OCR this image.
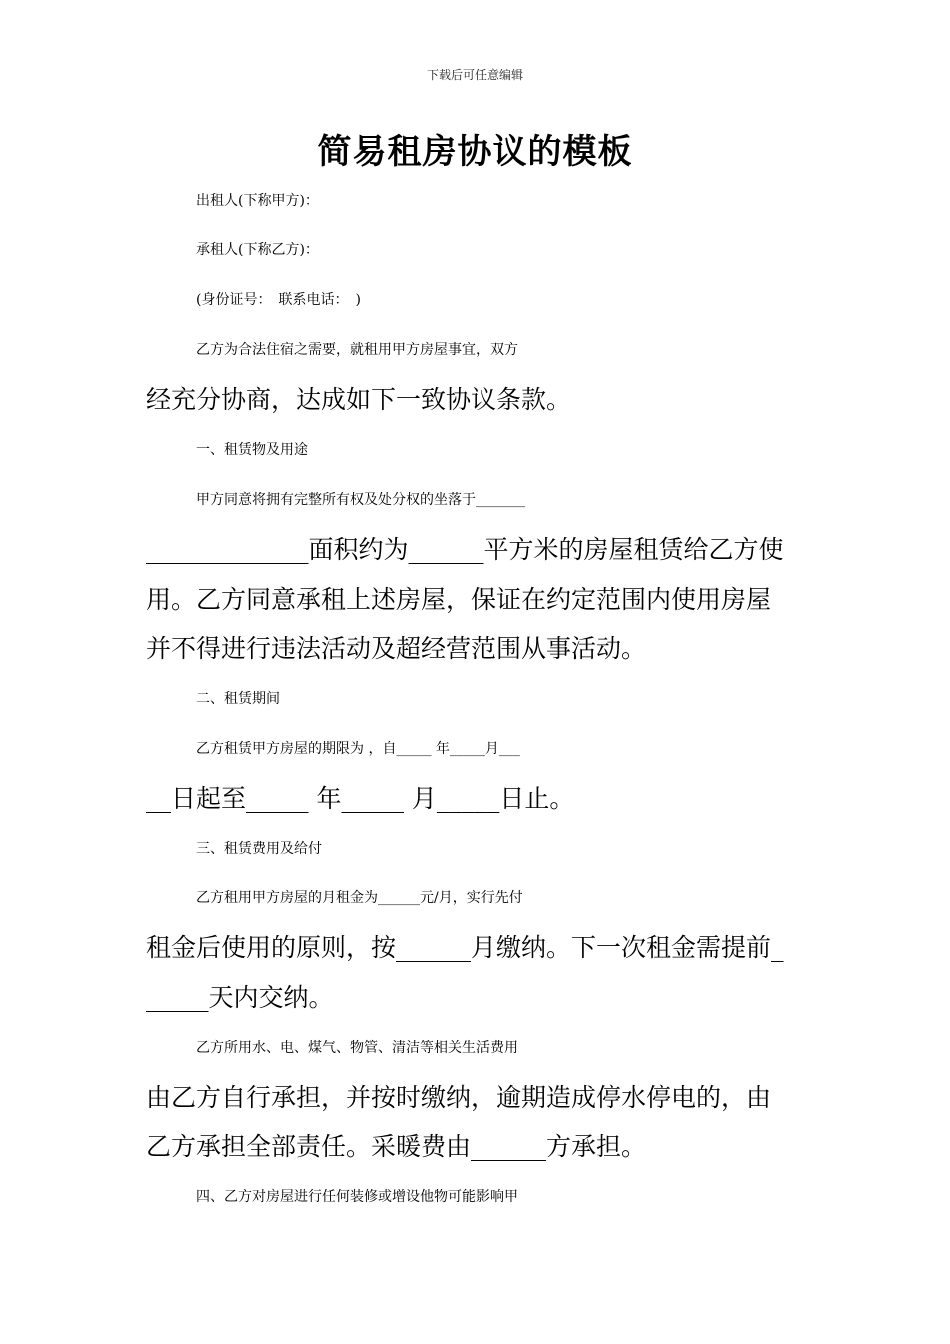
下载后可任意编辑
简易租房协议的模板
出租人(下称甲方)：
承租人(下称乙方)：
(身份证号：　联系电话：　)
乙方为合法住宿之需要，就租用甲方房屋事宜，双方
经充分协商，达成如下一致协议条款。
一、租赁物及用途
甲方同意将拥有完整所有权及处分权的坐落于_______
_____________面积约为______平方米的房屋租赁给乙方使
用。乙方同意承租上述房屋，保证在约定范围内使用房屋
并不得进行违法活动及超经营范围从事活动。
二、租赁期间
乙方租赁甲方房屋的期限为 ，自_____ 年_____月___
__日起至_____ 年_____ 月_____日止。
三、租赁费用及给付
乙方租用甲方房屋的月租金为______元/月，实行先付
租金后使用的原则，按______月缴纳。下一次租金需提前_
_____天内交纳。
乙方所用水、电、煤气、物管、清洁等相关生活费用
由乙方自行承担，并按时缴纳，逾期造成停水停电的，由
乙方承担全部责任。采暖费由______方承担。
四、乙方对房屋进行任何装修或增设他物可能影响甲
